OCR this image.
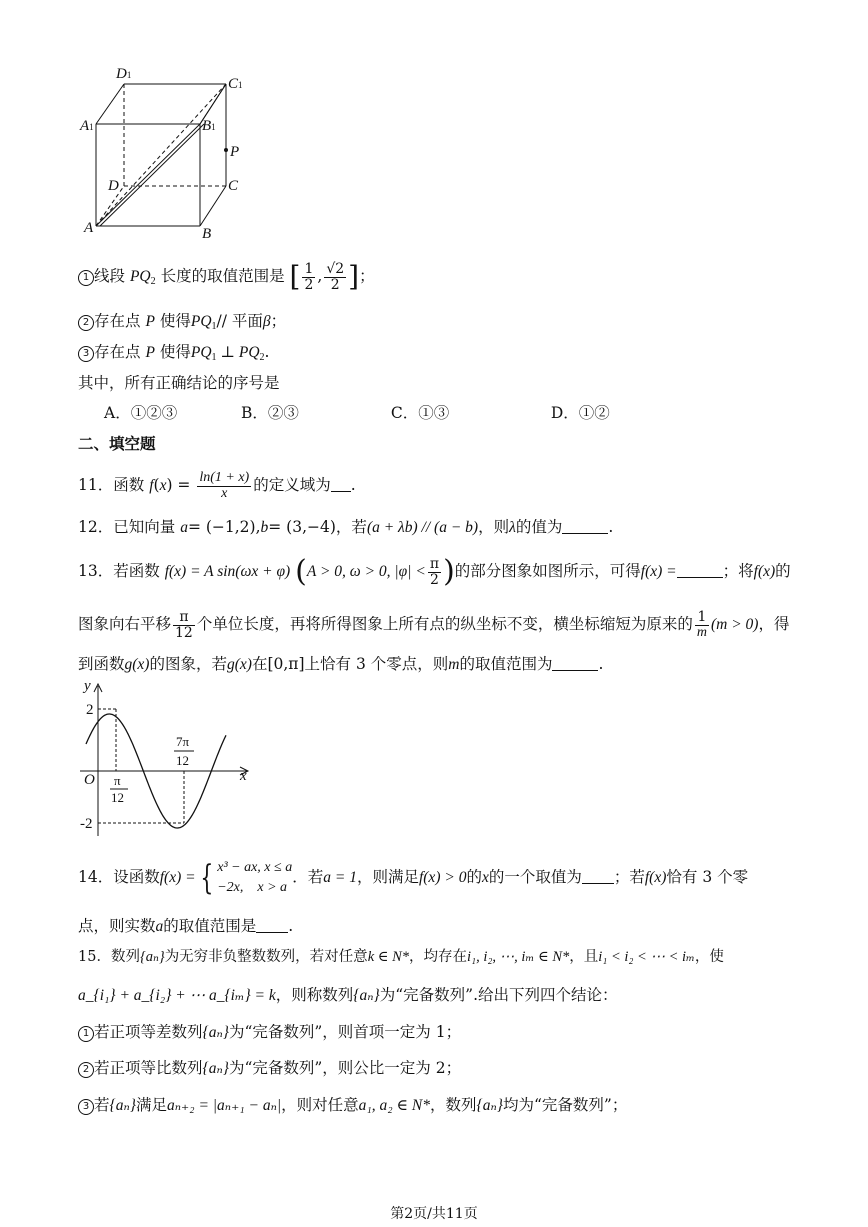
D1
C1
A1	B1
P
D	C
A	B
1 线段 $PQ_2$ 长度的取值范围是 [ $\frac{1}{2}$ , $\frac{√2}{2}$ ]；
2 存在点 P 使得$PQ_1//$ 平面β；
3 存在点 P 使得$PQ_1$ ⊥ $PQ_2$.
其中，所有正确结论的序号是
A．①②③	B．②③	C．①③	D．①②
二、填空题
11．函数 $f(x) = \frac{\ln(1 + x)}{x}$ 的定义域为 .
12．已知向量 a= (−1,2),b= (3,−4)，若(a + λb) // (a − b)，则λ的值为	.
13．若函数 f(x) = A sin(ωx + φ) (A > 0, ω > 0, $|\varphi| < \frac{\pi}{2}$ )的部分图象如图所示，可得f(x) =	；将f(x)的
图象向右平移 $\frac{\pi}{12}$ 个单位长度，再将所得图象上所有点的纵坐标不变，横坐标缩短为原来的 $\frac{1}{m} (m > 0)$，得
到函数g(x)的图象，若g(x)在[0,π]上恰有 3 个零点，则m的取值范围为	.
y
x
O
2
-2
π
12
7π
12
14．设函数f(x) = { x³ − ax, x ≤ a
−2x,    x > a
．若a = 1，则满足f(x) > 0的x的一个取值为 ；若f(x)恰有 3 个零
点，则实数a的取值范围是 .
15．数列{aₙ}为无穷非负整数数列，若对任意k ∈ N*，均存在i₁, i₂, ⋯, iₘ ∈ N*，且i₁ < i₂ < ⋯ < iₘ，使
a_{i₁} + a_{i₂} + ⋯ a_{iₘ} = k，则称数列{aₙ}为“完备数列”.给出下列四个结论：
1 若正项等差数列{aₙ}为“完备数列”，则首项一定为 1；
2 若正项等比数列{aₙ}为“完备数列”，则公比一定为 2；
3 若{aₙ}满足aₙ₊₂ = |aₙ₊₁ − aₙ|，则对任意a₁, a₂ ∈ N*，数列{aₙ}均为“完备数列”；
第2页/共11页
